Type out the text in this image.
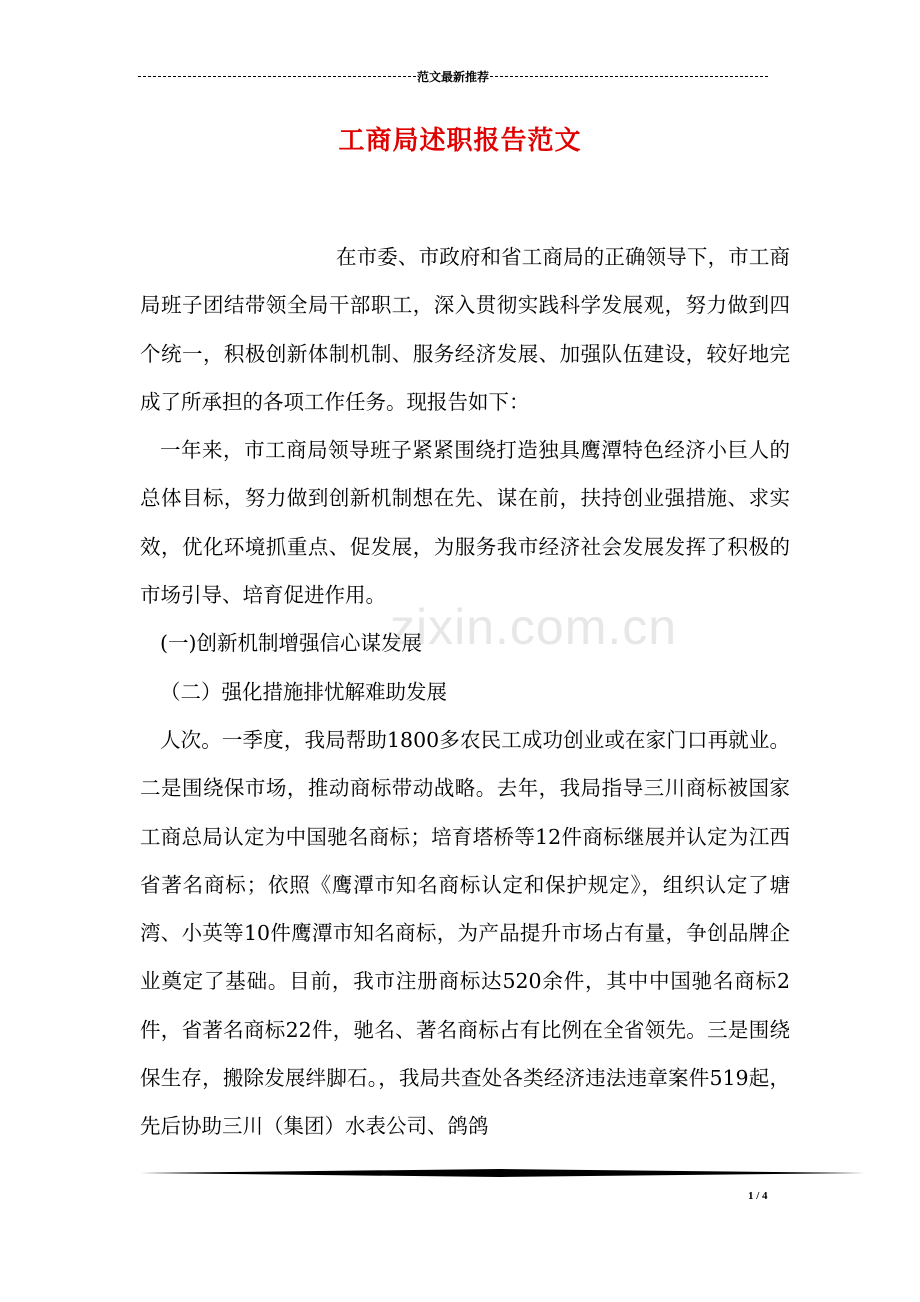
范文最新推荐
工商局述职报告范文

在市委、市政府和省工商局的正确领导下，市工商局班子团结带领全局干部职工，深入贯彻实践科学发展观，努力做到四个统一，积极创新体制机制、服务经济发展、加强队伍建设，较好地完成了所承担的各项工作任务。现报告如下：

一年来，市工商局领导班子紧紧围绕打造独具鹰潭特色经济小巨人的总体目标，努力做到创新机制想在先、谋在前，扶持创业强措施、求实效，优化环境抓重点、促发展，为服务我市经济社会发展发挥了积极的市场引导、培育促进作用。

(一)创新机制增强信心谋发展

（二）强化措施排忧解难助发展

人次。一季度，我局帮助1800多农民工成功创业或在家门口再就业。二是围绕保市场，推动商标带动战略。去年，我局指导三川商标被国家工商总局认定为中国驰名商标；培育塔桥等12件商标继展并认定为江西省著名商标；依照《鹰潭市知名商标认定和保护规定》，组织认定了塘湾、小英等10件鹰潭市知名商标，为产品提升市场占有量，争创品牌企业奠定了基础。目前，我市注册商标达520余件，其中中国驰名商标2件，省著名商标22件，驰名、著名商标占有比例在全省领先。三是围绕保生存，搬除发展绊脚石。，我局共查处各类经济违法违章案件519起，先后协助三川（集团）水表公司、鸽鸽

zixin.com.cn
1 / 4
